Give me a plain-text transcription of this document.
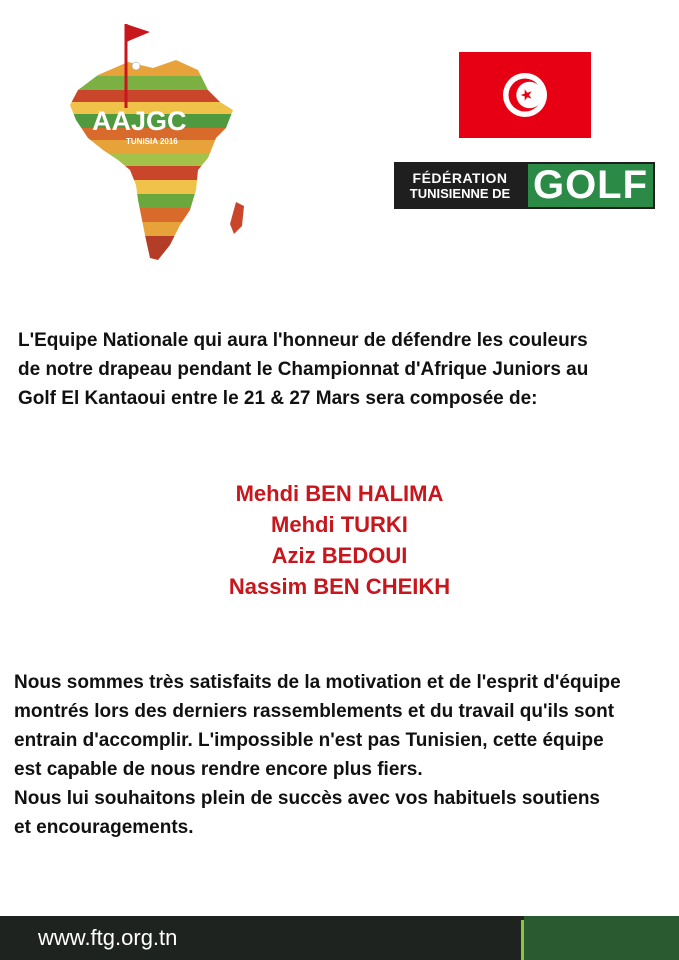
AAJGC
TUNISIA 2016
FÉDÉRATION
TUNISIENNE DE GOLF
L'Equipe Nationale qui aura l'honneur de défendre les couleurs
de notre drapeau pendant le Championnat d'Afrique Juniors au
Golf El Kantaoui entre le 21 & 27 Mars sera composée de:
Mehdi BEN HALIMA
Mehdi TURKI
Aziz BEDOUI
Nassim BEN CHEIKH
Nous sommes très satisfaits de la motivation et de l'esprit d'équipe
montrés lors des derniers rassemblements et du travail qu'ils sont
entrain d'accomplir. L'impossible n'est pas Tunisien, cette équipe
est capable de nous rendre encore plus fiers.
Nous lui souhaitons plein de succès avec vos habituels soutiens
et encouragements.
www.ftg.org.tn
